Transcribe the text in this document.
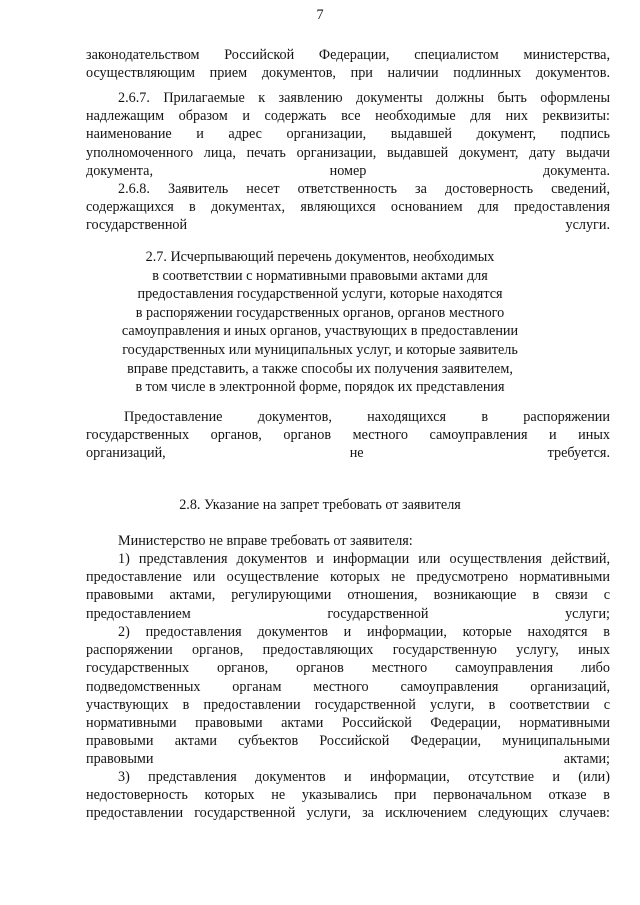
7
законодательством Российской Федерации, специалистом министерства,
осуществляющим прием документов, при наличии подлинных документов.
2.6.7. Прилагаемые к заявлению документы должны быть оформлены
надлежащим образом и содержать все необходимые для них реквизиты:
наименование и адрес организации, выдавшей документ, подпись
уполномоченного лица, печать организации, выдавшей документ, дату выдачи
документа, номер документа.
2.6.8. Заявитель несет ответственность за достоверность сведений,
содержащихся в документах, являющихся основанием для предоставления
государственной услуги.
2.7. Исчерпывающий перечень документов, необходимых
в соответствии с нормативными правовыми актами для
предоставления государственной услуги, которые находятся
в распоряжении государственных органов, органов местного
самоуправления и иных органов, участвующих в предоставлении
государственных или муниципальных услуг, и которые заявитель
вправе представить, а также способы их получения заявителем,
в том числе в электронной форме, порядок их представления
Предоставление документов, находящихся в распоряжении
государственных органов, органов местного самоуправления и иных
организаций, не требуется.
2.8. Указание на запрет требовать от заявителя
Министерство не вправе требовать от заявителя:
1) представления документов и информации или осуществления действий,
предоставление или осуществление которых не предусмотрено нормативными
правовыми актами, регулирующими отношения, возникающие в связи с
предоставлением государственной услуги;
2) предоставления документов и информации, которые находятся в
распоряжении органов, предоставляющих государственную услугу, иных
государственных органов, органов местного самоуправления либо
подведомственных органам местного самоуправления организаций,
участвующих в предоставлении государственной услуги, в соответствии с
нормативными правовыми актами Российской Федерации, нормативными
правовыми актами субъектов Российской Федерации, муниципальными
правовыми актами;
3) представления документов и информации, отсутствие и (или)
недостоверность которых не указывались при первоначальном отказе в
предоставлении государственной услуги, за исключением следующих случаев:
